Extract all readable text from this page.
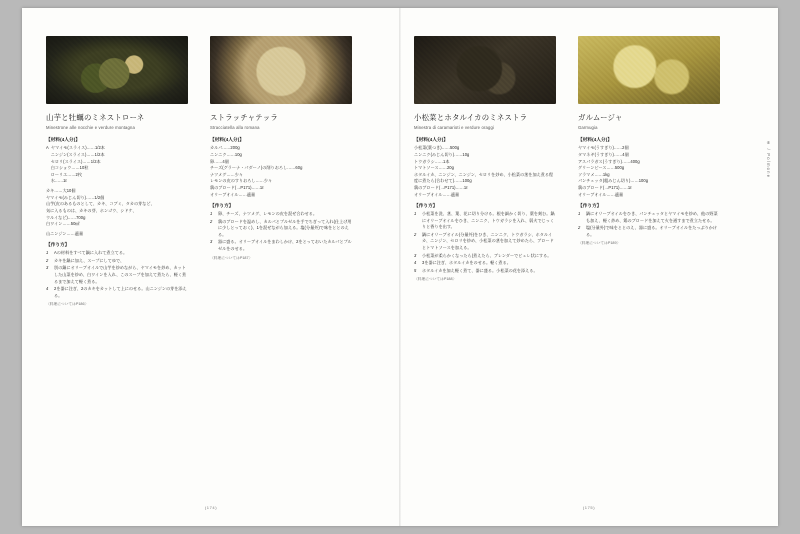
山芋と牡蠣のミネストローネ
Minestrone alle nocchie e verdure montagna
【材料(4人分)】
A  ヤマイモ(スライス)……1/2本
ニンジン(スライス)……1/2本
セロリ(スライス)……1/2本
白コショウ……10粒
ローリエ……2枚
水……1ℓ
カキ……大10個
ヤマイモ(みじん切り)……1/2個
山芋(皮のあるものとして、カキ、コブミ、タカの芽など、
気に入るものは、カキの芽、ホンゴウ、シドケ、
ウルイなど)……700g
白ワイン……50㎖
山ニンジン……適量
【作り方】
1	Aの材料をすべて鍋に入れて煮立てる。
2	カキを鍋に加え、スープにしてゆで、
3	別の鍋にオリーブオイルで山芋を炒めながら、ヤマイモを炒め、カットした山菜を炒め、白ワインを入れ、このスープを加えて煮たら、軽く煮るまで加えて軽く煮る。
4	2を器に注ぎ、2のカキをカットして上にのせる。山ニンジンの芽を添える。
〈料理についてはP186〉
ストラッチャテッラ
Stracciatella alla romana
【材料(4人分)】
カルパ……200g
ニンニク……10g
卵……4個
チーズ(グラーナ・パダーノ)の削りおろし……60g
ナツメグ……少々
レモンの皮のすりおろし……少々
鶏のブロード(→P171)……1ℓ
オリーブオイル……適量
【作り方】
1	卵、チーズ、ナツメグ、レモンの皮を混ぜ合わせる。
2	鶏のブロードを温めし、カルパとプルゼルを手でちぎって入れ(仕上げ用に少しとっておく)、1を混ぜながら加える。塩(分量外)で味をととのえる。
3	器に盛る。オリーブオイルをまわしかけ、2をとっておいたカルパとプルゼルをのせる。
〈料理についてはP187〉
(174)
小松菜とホタルイカのミネストラ
Minestra di caramarioti e verdure oraggi
【材料(4人分)】
小松菜(葉つき)……500g
ニンニク(みじん切り)……10g
トウガラシ……1本
トマトソース……20g
ホタルイカ、ニンジン、ニンジン、セロリを炒め、小松菜の茎を加え煮る程度に煮たら(合わせて)……100g
鶏のブロード(→P171)……1ℓ
オリーブオイル……適量
【作り方】
1	小松菜を洗、茎、葉、花に切り分ける。根を細かく切り、葉を刻む。鍋にオリーブオイルをひき、ニンニク、トウガラシを入れ、弱火でじっくりと香りを出す。
2	鍋にオリーブオイル(分量外)をひき、ニンニク、トウガラシ、ホタルイカ、ニンジン、セロリを炒め、小松菜の茎を加えて炒めたら、ブロードとトマトソースを加える。
3	小松菜が柔らかくなったら(煮えたら、ブレンダーでピュレ状にする。
4	3を器に注ぎ、ホタルイカをのせる。軽く煮る。
5	ホタルイカを加え軽く煮て、器に盛る。小松菜の花を添える。
〈料理についてはP188〉
ガルムージャ
Garmugia
【材料(4人分)】
ヤマイモ(うすぎり)……2個
タマネギ(うすぎり)……4個
アスパラガス(うすぎり)……400g
グリーンピース……500g
ソラマメ……1kg
パンチェッタ(粗みじん切り)……100g
鶏のブロード(→P171)……1ℓ
オリーブオイル……適量
【作り方】
1	鍋にオリーブオイルをひき、パンチェッタとヤマイモを炒め、他の野菜も加え、軽く炒め、鶏のブロードを加えて火を通すまで煮立たせる。
2	塩(分量外)で味をととのえ、器に盛る。オリーブオイルをたっぷりかける。
〈料理についてはP189〉
⑧ / Polmone
(175)
